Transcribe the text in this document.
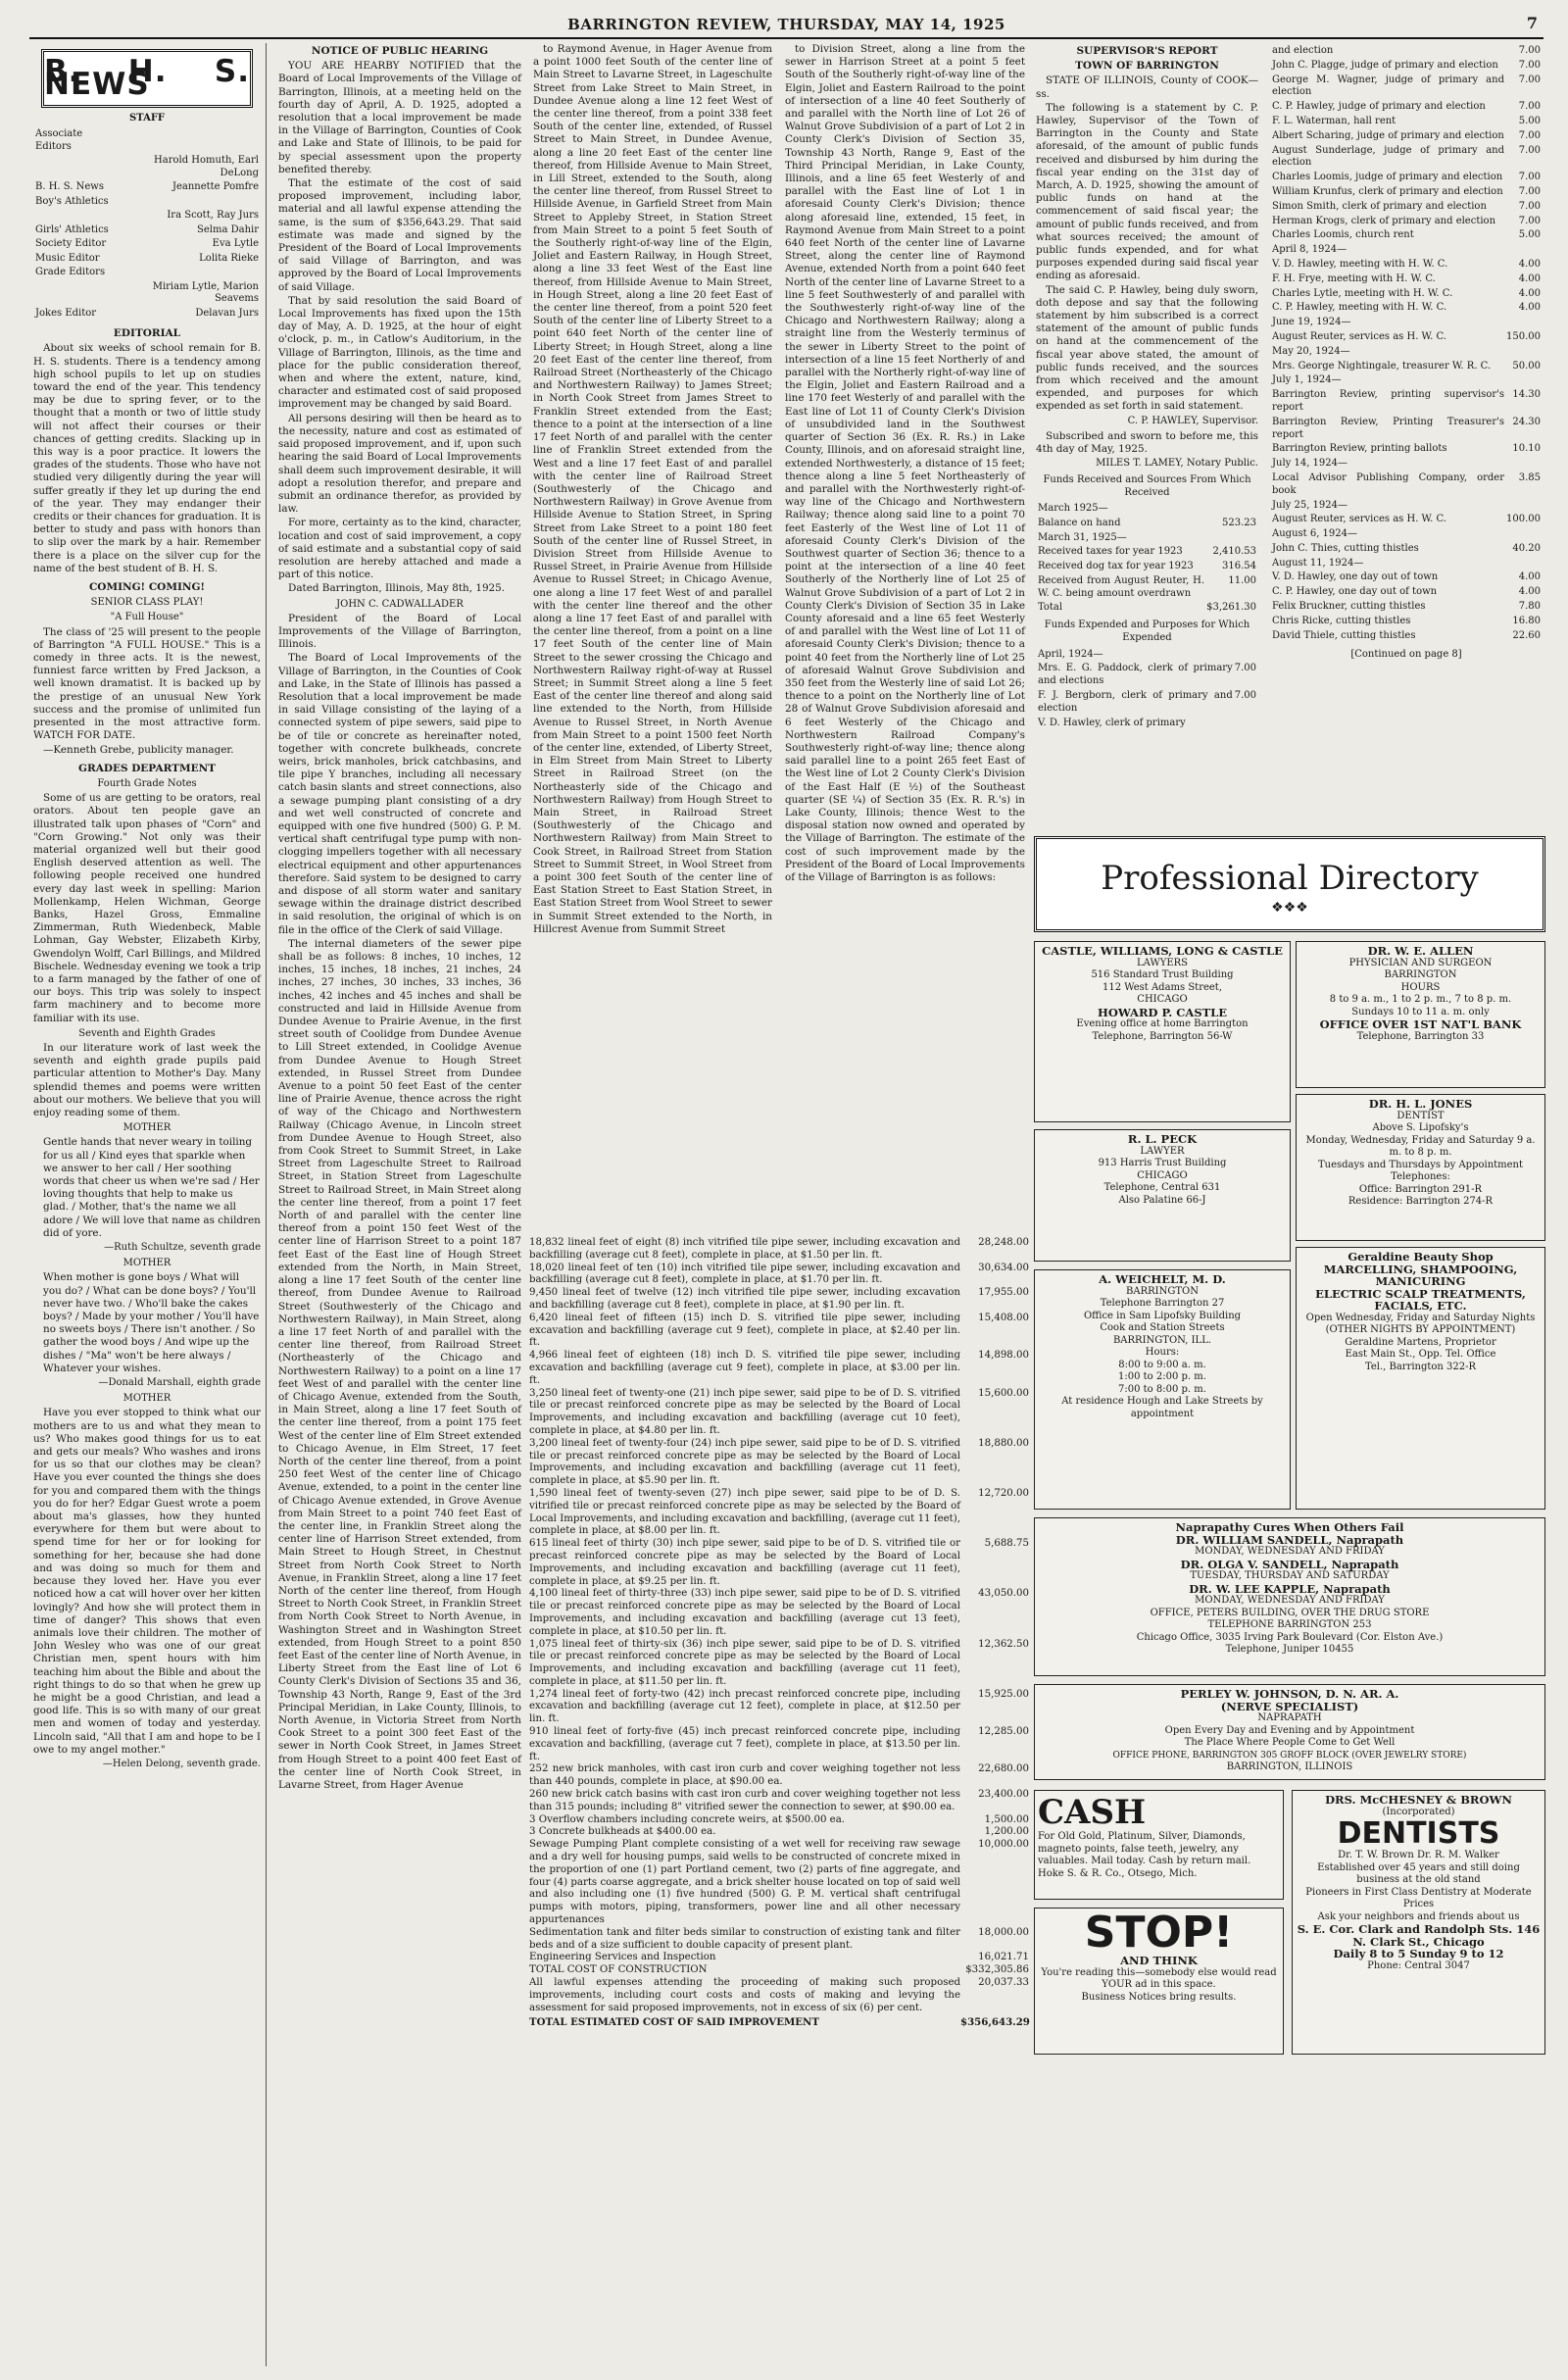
BARRINGTON REVIEW, THURSDAY, MAY 14, 1925	7
B. H. S. NEWS
STAFF
Associate Editors	
	Harold Homuth, Earl DeLong
B. H. S. News	Jeannette Pomfre
Boy's Athletics	
	Ira Scott, Ray Jurs
Girls' Athletics	Selma Dahir
Society Editor	Eva Lytle
Music Editor	Lolita Rieke
Grade Editors	
	Miriam Lytle, Marion Seavems
Jokes Editor	Delavan Jurs
EDITORIAL

About six weeks of school remain for B. H. S. students. There is a tendency among high school pupils to let up on studies toward the end of the year. This tendency may be due to spring fever, or to the thought that a month or two of little study will not affect their courses or their chances of getting credits. Slacking up in this way is a poor practice. It lowers the grades of the students. Those who have not studied very diligently during the year will suffer greatly if they let up during the end of the year. They may endanger their credits or their chances for graduation. It is better to study and pass with honors than to slip over the mark by a hair. Remember there is a place on the silver cup for the name of the best student of B. H. S.

COMING! COMING!
SENIOR CLASS PLAY!
"A Full House"

The class of '25 will present to the people of Barrington "A FULL HOUSE." This is a comedy in three acts. It is the newest, funniest farce written by Fred Jackson, a well known dramatist. It is backed up by the prestige of an unusual New York success and the promise of unlimited fun presented in the most attractive form. WATCH FOR DATE.

—Kenneth Grebe, publicity manager.

GRADES DEPARTMENT
Fourth Grade Notes

Some of us are getting to be orators, real orators. About ten people gave an illustrated talk upon phases of "Corn" and "Corn Growing." Not only was their material organized well but their good English deserved attention as well. The following people received one hundred every day last week in spelling: Marion Mollenkamp, Helen Wichman, George Banks, Hazel Gross, Emmaline Zimmerman, Ruth Wiedenbeck, Mable Lohman, Gay Webster, Elizabeth Kirby, Gwendolyn Wolff, Carl Billings, and Mildred Bischele. Wednesday evening we took a trip to a farm managed by the father of one of our boys. This trip was solely to inspect farm machinery and to become more familiar with its use.

Seventh and Eighth Grades

In our literature work of last week the seventh and eighth grade pupils paid particular attention to Mother's Day. Many splendid themes and poems were written about our mothers. We believe that you will enjoy reading some of them.

MOTHER

Gentle hands that never weary in toiling for us all / Kind eyes that sparkle when we answer to her call / Her soothing words that cheer us when we're sad / Her loving thoughts that help to make us glad. / Mother, that's the name we all adore / We will love that name as children did of yore.

—Ruth Schultze, seventh grade
MOTHER

When mother is gone boys / What will you do? / What can be done boys? / You'll never have two. / Who'll bake the cakes boys? / Made by your mother / You'll have no sweets boys / There isn't another. / So gather the wood boys / And wipe up the dishes / "Ma" won't be here always / Whatever your wishes.

—Donald Marshall, eighth grade
MOTHER

Have you ever stopped to think what our mothers are to us and what they mean to us? Who makes good things for us to eat and gets our meals? Who washes and irons for us so that our clothes may be clean? Have you ever counted the things she does for you and compared them with the things you do for her? Edgar Guest wrote a poem about ma's glasses, how they hunted everywhere for them but were about to spend time for her or for looking for something for her, because she had done and was doing so much for them and because they loved her. Have you ever noticed how a cat will hover over her kitten lovingly? And how she will protect them in time of danger? This shows that even animals love their children. The mother of John Wesley who was one of our great Christian men, spent hours with him teaching him about the Bible and about the right things to do so that when he grew up he might be a good Christian, and lead a good life. This is so with many of our great men and women of today and yesterday. Lincoln said, "All that I am and hope to be I owe to my angel mother."

—Helen Delong, seventh grade.
NOTICE OF PUBLIC HEARING

YOU ARE HEARBY NOTIFIED that the Board of Local Improvements of the Village of Barrington, Illinois, at a meeting held on the fourth day of April, A. D. 1925, adopted a resolution that a local improvement be made in the Village of Barrington, Counties of Cook and Lake and State of Illinois, to be paid for by special assessment upon the property benefited thereby.

That the estimate of the cost of said proposed improvement, including labor, material and all lawful expense attending the same, is the sum of $356,643.29. That said estimate was made and signed by the President of the Board of Local Improvements of said Village of Barrington, and was approved by the Board of Local Improvements of said Village.

That by said resolution the said Board of Local Improvements has fixed upon the 15th day of May, A. D. 1925, at the hour of eight o'clock, p. m., in Catlow's Auditorium, in the Village of Barrington, Illinois, as the time and place for the public consideration thereof, when and where the extent, nature, kind, character and estimated cost of said proposed improvement may be changed by said Board.

All persons desiring will then be heard as to the necessity, nature and cost as estimated of said proposed improvement, and if, upon such hearing the said Board of Local Improvements shall deem such improvement desirable, it will adopt a resolution therefor, and prepare and submit an ordinance therefor, as provided by law.

For more, certainty as to the kind, character, location and cost of said improvement, a copy of said estimate and a substantial copy of said resolution are hereby attached and made a part of this notice.

Dated Barrington, Illinois, May 8th, 1925.

JOHN C. CADWALLADER

President of the Board of Local Improvements of the Village of Barrington, Illinois.

The Board of Local Improvements of the Village of Barrington, in the Counties of Cook and Lake, in the State of Illinois has passed a Resolution that a local improvement be made in said Village consisting of the laying of a connected system of pipe sewers, said pipe to be of tile or concrete as hereinafter noted, together with concrete bulkheads, concrete weirs, brick manholes, brick catchbasins, and tile pipe Y branches, including all necessary catch basin slants and street connections, also a sewage pumping plant consisting of a dry and wet well constructed of concrete and equipped with one five hundred (500) G. P. M. vertical shaft centrifugal type pump with non-clogging impellers together with all necessary electrical equipment and other appurtenances therefore. Said system to be designed to carry and dispose of all storm water and sanitary sewage within the drainage district described in said resolution, the original of which is on file in the office of the Clerk of said Village.

The internal diameters of the sewer pipe shall be as follows: 8 inches, 10 inches, 12 inches, 15 inches, 18 inches, 21 inches, 24 inches, 27 inches, 30 inches, 33 inches, 36 inches, 42 inches and 45 inches and shall be constructed and laid in Hillside Avenue from Dundee Avenue to Prairie Avenue, in the first street south of Coolidge from Dundee Avenue to Lill Street extended, in Coolidge Avenue from Dundee Avenue to Hough Street extended, in Russel Street from Dundee Avenue to a point 50 feet East of the center line of Prairie Avenue, thence across the right of way of the Chicago and Northwestern Railway (Chicago Avenue, in Lincoln street from Dundee Avenue to Hough Street, also from Cook Street to Summit Street, in Lake Street from Lageschulte Street to Railroad Street, in Station Street from Lageschulte Street to Railroad Street, in Main Street along the center line thereof, from a point 17 feet North of and parallel with the center line thereof from a point 150 feet West of the center line of Harrison Street to a point 187 feet East of the East line of Hough Street extended from the North, in Main Street, along a line 17 feet South of the center line thereof, from Dundee Avenue to Railroad Street (Southwesterly of the Chicago and Northwestern Railway), in Main Street, along a line 17 feet North of and parallel with the center line thereof, from Railroad Street (Northeasterly of the Chicago and Northwestern Railway) to a point on a line 17 feet West of and parallel with the center line of Chicago Avenue, extended from the South, in Main Street, along a line 17 feet South of the center line thereof, from a point 175 feet West of the center line of Elm Street extended to Chicago Avenue, in Elm Street, 17 feet North of the center line thereof, from a point 250 feet West of the center line of Chicago Avenue, extended, to a point in the center line of Chicago Avenue extended, in Grove Avenue from Main Street to a point 740 feet East of the center line, in Franklin Street along the center line of Harrison Street extended, from Main Street to Hough Street, in Chestnut Street from North Cook Street to North Avenue, in Franklin Street, along a line 17 feet North of the center line thereof, from Hough Street to North Cook Street, in Franklin Street from North Cook Street to North Avenue, in Washington Street and in Washington Street extended, from Hough Street to a point 850 feet East of the center line of North Avenue, in Liberty Street from the East line of Lot 6 County Clerk's Division of Sections 35 and 36, Township 43 North, Range 9, East of the 3rd Principal Meridian, in Lake County, Illinois, to North Avenue, in Victoria Street from North Cook Street to a point 300 feet East of the sewer in North Cook Street, in James Street from Hough Street to a point 400 feet East of the center line of North Cook Street, in Lavarne Street, from Hager Avenue

to Raymond Avenue, in Hager Avenue from a point 1000 feet South of the center line of Main Street to Lavarne Street, in Lageschulte Street from Lake Street to Main Street, in Dundee Avenue along a line 12 feet West of the center line thereof, from a point 338 feet South of the center line, extended, of Russel Street to Main Street, in Dundee Avenue, along a line 20 feet East of the center line thereof, from Hillside Avenue to Main Street, in Lill Street, extended to the South, along the center line thereof, from Russel Street to Hillside Avenue, in Garfield Street from Main Street to Appleby Street, in Station Street from Main Street to a point 5 feet South of the Southerly right-of-way line of the Elgin, Joliet and Eastern Railway, in Hough Street, along a line 33 feet West of the East line thereof, from Hillside Avenue to Main Street, in Hough Street, along a line 20 feet East of the center line thereof, from a point 520 feet South of the center line of Liberty Street to a point 640 feet North of the center line of Liberty Street; in Hough Street, along a line 20 feet East of the center line thereof, from Railroad Street (Northeasterly of the Chicago and Northwestern Railway) to James Street; in North Cook Street from James Street to Franklin Street extended from the East; thence to a point at the intersection of a line 17 feet North of and parallel with the center line of Franklin Street extended from the West and a line 17 feet East of and parallel with the center line of Railroad Street (Southwesterly of the Chicago and Northwestern Railway) in Grove Avenue from Hillside Avenue to Station Street, in Spring Street from Lake Street to a point 180 feet South of the center line of Russel Street, in Division Street from Hillside Avenue to Russel Street, in Prairie Avenue from Hillside Avenue to Russel Street; in Chicago Avenue, one along a line 17 feet West of and parallel with the center line thereof and the other along a line 17 feet East of and parallel with the center line thereof, from a point on a line 17 feet South of the center line of Main Street to the sewer crossing the Chicago and Northwestern Railway right-of-way at Russel Street; in Summit Street along a line 5 feet East of the center line thereof and along said line extended to the North, from Hillside Avenue to Russel Street, in North Avenue from Main Street to a point 1500 feet North of the center line, extended, of Liberty Street, in Elm Street from Main Street to Liberty Street in Railroad Street (on the Northeasterly side of the Chicago and Northwestern Railway) from Hough Street to Main Street, in Railroad Street (Southwesterly of the Chicago and Northwestern Railway) from Main Street to Cook Street, in Railroad Street from Station Street to Summit Street, in Wool Street from a point 300 feet South of the center line of East Station Street to East Station Street, in East Station Street from Wool Street to sewer in Summit Street extended to the North, in Hillcrest Avenue from Summit Street

to Division Street, along a line from the sewer in Harrison Street at a point 5 feet South of the Southerly right-of-way line of the Elgin, Joliet and Eastern Railroad to the point of intersection of a line 40 feet Southerly of and parallel with the North line of Lot 26 of Walnut Grove Subdivision of a part of Lot 2 in County Clerk's Division of Section 35, Township 43 North, Range 9, East of the Third Principal Meridian, in Lake County, Illinois, and a line 65 feet Westerly of and parallel with the East line of Lot 1 in aforesaid County Clerk's Division; thence along aforesaid line, extended, 15 feet, in Raymond Avenue from Main Street to a point 640 feet North of the center line of Lavarne Street, along the center line of Raymond Avenue, extended North from a point 640 feet North of the center line of Lavarne Street to a line 5 feet Southwesterly of and parallel with the Southwesterly right-of-way line of the Chicago and Northwestern Railway; along a straight line from the Westerly terminus of the sewer in Liberty Street to the point of intersection of a line 15 feet Northerly of and parallel with the Northerly right-of-way line of the Elgin, Joliet and Eastern Railroad and a line 170 feet Westerly of and parallel with the East line of Lot 11 of County Clerk's Division of unsubdivided land in the Southwest quarter of Section 36 (Ex. R. Rs.) in Lake County, Illinois, and on aforesaid straight line, extended Northwesterly, a distance of 15 feet; thence along a line 5 feet Northeasterly of and parallel with the Northwesterly right-of-way line of the Chicago and Northwestern Railway; thence along said line to a point 70 feet Easterly of the West line of Lot 11 of aforesaid County Clerk's Division of the Southwest quarter of Section 36; thence to a point at the intersection of a line 40 feet Southerly of the Northerly line of Lot 25 of Walnut Grove Subdivision of a part of Lot 2 in County Clerk's Division of Section 35 in Lake County aforesaid and a line 65 feet Westerly of and parallel with the West line of Lot 11 of aforesaid County Clerk's Division; thence to a point 40 feet from the Northerly line of Lot 25 of aforesaid Walnut Grove Subdivision and 350 feet from the Westerly line of said Lot 26; thence to a point on the Northerly line of Lot 28 of Walnut Grove Subdivision aforesaid and 6 feet Westerly of the Chicago and Northwestern Railroad Company's Southwesterly right-of-way line; thence along said parallel line to a point 265 feet East of the West line of Lot 2 County Clerk's Division of the East Half (E ½) of the Southeast quarter (SE ¼) of Section 35 (Ex. R. R.'s) in Lake County, Illinois; thence West to the disposal station now owned and operated by the Village of Barrington. The estimate of the cost of such improvement made by the President of the Board of Local Improvements of the Village of Barrington is as follows:

18,832 lineal feet of eight (8) inch vitrified tile pipe sewer, including excavation and backfilling (average cut 8 feet), complete in place, at $1.50 per lin. ft.
28,248.00
18,020 lineal feet of ten (10) inch vitrified tile pipe sewer, including excavation and backfilling (average cut 8 feet), complete in place, at $1.70 per lin. ft.
30,634.00
9,450 lineal feet of twelve (12) inch vitrified tile pipe sewer, including excavation and backfilling (average cut 8 feet), complete in place, at $1.90 per lin. ft.
17,955.00
6,420 lineal feet of fifteen (15) inch D. S. vitrified tile pipe sewer, including excavation and backfilling (average cut 9 feet), complete in place, at $2.40 per lin. ft.
15,408.00
4,966 lineal feet of eighteen (18) inch D. S. vitrified tile pipe sewer, including excavation and backfilling (average cut 9 feet), complete in place, at $3.00 per lin. ft.
14,898.00
3,250 lineal feet of twenty-one (21) inch pipe sewer, said pipe to be of D. S. vitrified tile or precast reinforced concrete pipe as may be selected by the Board of Local Improvements, and including excavation and backfilling (average cut 10 feet), complete in place, at $4.80 per lin. ft.
15,600.00
3,200 lineal feet of twenty-four (24) inch pipe sewer, said pipe to be of D. S. vitrified tile or precast reinforced concrete pipe as may be selected by the Board of Local Improvements, and including excavation and backfilling (average cut 11 feet), complete in place, at $5.90 per lin. ft.
18,880.00
1,590 lineal feet of twenty-seven (27) inch pipe sewer, said pipe to be of D. S. vitrified tile or precast reinforced concrete pipe as may be selected by the Board of Local Improvements, and including excavation and backfilling, (average cut 11 feet), complete in place, at $8.00 per lin. ft.
12,720.00
615 lineal feet of thirty (30) inch pipe sewer, said pipe to be of D. S. vitrified tile or precast reinforced concrete pipe as may be selected by the Board of Local Improvements, and including excavation and backfilling (average cut 11 feet), complete in place, at $9.25 per lin. ft.
5,688.75
4,100 lineal feet of thirty-three (33) inch pipe sewer, said pipe to be of D. S. vitrified tile or precast reinforced concrete pipe as may be selected by the Board of Local Improvements, and including excavation and backfilling (average cut 13 feet), complete in place, at $10.50 per lin. ft.
43,050.00
1,075 lineal feet of thirty-six (36) inch pipe sewer, said pipe to be of D. S. vitrified tile or precast reinforced concrete pipe as may be selected by the Board of Local Improvements, and including excavation and backfilling (average cut 11 feet), complete in place, at $11.50 per lin. ft.
12,362.50
1,274 lineal feet of forty-two (42) inch precast reinforced concrete pipe, including excavation and backfilling (average cut 12 feet), complete in place, at $12.50 per lin. ft.
15,925.00
910 lineal feet of forty-five (45) inch precast reinforced concrete pipe, including excavation and backfilling, (average cut 7 feet), complete in place, at $13.50 per lin. ft.
12,285.00
252 new brick manholes, with cast iron curb and cover weighing together not less than 440 pounds, complete in place, at $90.00 ea.
22,680.00
260 new brick catch basins with cast iron curb and cover weighing together not less than 315 pounds; including 8" vitrified sewer the connection to sewer, at $90.00 ea.
23,400.00
3 Overflow chambers including concrete weirs, at $500.00 ea.	1,500.00
3 Concrete bulkheads at $400.00 ea.	1,200.00
Sewage Pumping Plant complete consisting of a wet well for receiving raw sewage and a dry well for housing pumps, said wells to be constructed of concrete mixed in the proportion of one (1) part Portland cement, two (2) parts of fine aggregate, and four (4) parts coarse aggregate, and a brick shelter house located on top of said well and also including one (1) five hundred (500) G. P. M. vertical shaft centrifugal pumps with motors, piping, transformers, power line and all other necessary appurtenances
10,000.00
Sedimentation tank and filter beds similar to construction of existing tank and filter beds and of a size sufficient to double capacity of present plant.
18,000.00
Engineering Services and Inspection	16,021.71
TOTAL COST OF CONSTRUCTION	$332,305.86
All lawful expenses attending the proceeding of making such proposed improvements, including court costs and costs of making and levying the assessment for said proposed improvements, not in excess of six (6) per cent.
20,037.33
TOTAL ESTIMATED COST OF SAID IMPROVEMENT	$356,643.29
SUPERVISOR'S REPORT
TOWN OF BARRINGTON

STATE OF ILLINOIS, County of COOK—ss.

The following is a statement by C. P. Hawley, Supervisor of the Town of Barrington in the County and State aforesaid, of the amount of public funds received and disbursed by him during the fiscal year ending on the 31st day of March, A. D. 1925, showing the amount of public funds on hand at the commencement of said fiscal year; the amount of public funds received, and from what sources received; the amount of public funds expended, and for what purposes expended during said fiscal year ending as aforesaid.

The said C. P. Hawley, being duly sworn, doth depose and say that the following statement by him subscribed is a correct statement of the amount of public funds on hand at the commencement of the fiscal year above stated, the amount of public funds received, and the sources from which received and the amount expended, and purposes for which expended as set forth in said statement.

C. P. HAWLEY, Supervisor.

Subscribed and sworn to before me, this 4th day of May, 1925.

MILES T. LAMEY, Notary Public.
Funds Received and Sources From Which Received
March 1925—	
Balance on hand	523.23
March 31, 1925—	
Received taxes for year 1923	2,410.53
Received dog tax for year 1923	316.54
Received from August Reuter, H. W. C. being amount overdrawn	11.00
Total	$3,261.30
Funds Expended and Purposes for Which Expended
April, 1924—	
Mrs. E. G. Paddock, clerk of primary and elections	7.00
F. J. Bergborn, clerk of primary and election	7.00
V. D. Hawley, clerk of primary	
and election	7.00
John C. Plagge, judge of primary and election	7.00
George M. Wagner, judge of primary and election	7.00
C. P. Hawley, judge of primary and election	7.00
F. L. Waterman, hall rent	5.00
Albert Scharing, judge of primary and election	7.00
August Sunderlage, judge of primary and election	7.00
Charles Loomis, judge of primary and election	7.00
William Krunfus, clerk of primary and election	7.00
Simon Smith, clerk of primary and election	7.00
Herman Krogs, clerk of primary and election	7.00
Charles Loomis, church rent	5.00
April 8, 1924—	
V. D. Hawley, meeting with H. W. C.	4.00
F. H. Frye, meeting with H. W. C.	4.00
Charles Lytle, meeting with H. W. C.	4.00
C. P. Hawley, meeting with H. W. C.	4.00
June 19, 1924—	
August Reuter, services as H. W. C.	150.00
May 20, 1924—	
Mrs. George Nightingale, treasurer W. R. C.	50.00
July 1, 1924—	
Barrington Review, printing supervisor's report	14.30
Barrington Review, Printing Treasurer's report	24.30
Barrington Review, printing ballots	10.10
July 14, 1924—	
Local Advisor Publishing Company, order book	3.85
July 25, 1924—	
August Reuter, services as H. W. C.	100.00
August 6, 1924—	
John C. Thies, cutting thistles	40.20
August 11, 1924—	
V. D. Hawley, one day out of town	4.00
C. P. Hawley, one day out of town	4.00
Felix Bruckner, cutting thistles	7.80
Chris Ricke, cutting thistles	16.80
David Thiele, cutting thistles	22.60
[Continued on page 8]
Professional Directory
❖❖❖
CASTLE, WILLIAMS, LONG & CASTLE
LAWYERS
516 Standard Trust Building
112 West Adams Street,
CHICAGO
HOWARD P. CASTLE
Evening office at home Barrington
Telephone, Barrington 56-W
R. L. PECK
LAWYER
913 Harris Trust Building
CHICAGO
Telephone, Central 631
Also Palatine 66-J
A. WEICHELT, M. D.
BARRINGTON
Telephone Barrington 27
Office in Sam Lipofsky Building
Cook and Station Streets
BARRINGTON, ILL.
Hours:
8:00 to 9:00 a. m.
1:00 to 2:00 p. m.
7:00 to 8:00 p. m.
At residence Hough and Lake Streets by appointment
DR. W. E. ALLEN
PHYSICIAN AND SURGEON
BARRINGTON
HOURS
8 to 9 a. m., 1 to 2 p. m., 7 to 8 p. m.
Sundays 10 to 11 a. m. only
OFFICE OVER 1ST NAT'L BANK
Telephone, Barrington 33
DR. H. L. JONES
DENTIST
Above S. Lipofsky's
Monday, Wednesday, Friday and Saturday 9 a. m. to 8 p. m.
Tuesdays and Thursdays by Appointment
Telephones:
Office: Barrington 291-R
Residence: Barrington 274-R
Geraldine Beauty Shop
MARCELLING, SHAMPOOING,
MANICURING
ELECTRIC SCALP TREATMENTS, FACIALS, ETC.
Open Wednesday, Friday and Saturday Nights
(OTHER NIGHTS BY APPOINTMENT)
Geraldine Martens, Proprietor
East Main St., Opp. Tel. Office
Tel., Barrington 322-R
Naprapathy Cures When Others Fail
DR. WILLIAM SANDELL, Naprapath
MONDAY, WEDNESDAY AND FRIDAY
DR. OLGA V. SANDELL, Naprapath
TUESDAY, THURSDAY AND SATURDAY
DR. W. LEE KAPPLE, Naprapath
MONDAY, WEDNESDAY AND FRIDAY
OFFICE, PETERS BUILDING, OVER THE DRUG STORE
TELEPHONE BARRINGTON 253
Chicago Office, 3035 Irving Park Boulevard (Cor. Elston Ave.)
Telephone, Juniper 10455
PERLEY W. JOHNSON, D. N. AR. A.
(NERVE SPECIALIST)
NAPRAPATH
Open Every Day and Evening and by Appointment
The Place Where People Come to Get Well
OFFICE PHONE, BARRINGTON 305 GROFF BLOCK (OVER JEWELRY STORE)
BARRINGTON, ILLINOIS
CASH
For Old Gold, Platinum, Silver, Diamonds, magneto points, false teeth, jewelry, any valuables. Mail today. Cash by return mail.
Hoke S. & R. Co., Otsego, Mich.
STOP!
AND THINK
You're reading this—somebody else would read YOUR ad in this space.
Business Notices bring results.
DRS. McCHESNEY & BROWN
(Incorporated)
DENTISTS
Dr. T. W. Brown Dr. R. M. Walker
Established over 45 years and still doing business at the old stand
Pioneers in First Class Dentistry at Moderate Prices
Ask your neighbors and friends about us
S. E. Cor. Clark and Randolph Sts. 146 N. Clark St., Chicago
Daily 8 to 5 Sunday 9 to 12
Phone: Central 3047
